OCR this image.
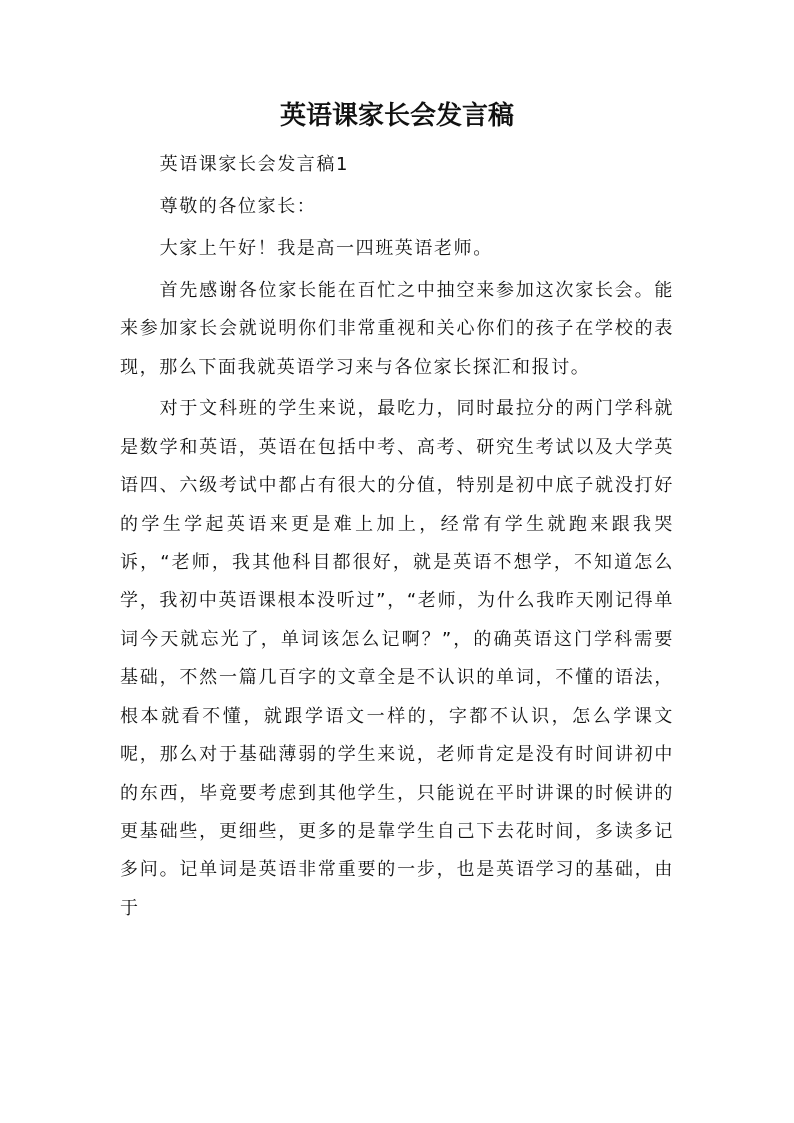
英语课家长会发言稿

英语课家长会发言稿1

尊敬的各位家长：

大家上午好！我是高一四班英语老师。

首先感谢各位家长能在百忙之中抽空来参加这次家长会。能来参加家长会就说明你们非常重视和关心你们的孩子在学校的表现，那么下面我就英语学习来与各位家长探汇和报讨。

对于文科班的学生来说，最吃力，同时最拉分的两门学科就是数学和英语，英语在包括中考、高考、研究生考试以及大学英语四、六级考试中都占有很大的分值，特别是初中底子就没打好的学生学起英语来更是难上加上，经常有学生就跑来跟我哭诉，“老师，我其他科目都很好，就是英语不想学，不知道怎么学，我初中英语课根本没听过”，“老师，为什么我昨天刚记得单词今天就忘光了，单词该怎么记啊？”，的确英语这门学科需要基础，不然一篇几百字的文章全是不认识的单词，不懂的语法，根本就看不懂，就跟学语文一样的，字都不认识，怎么学课文呢，那么对于基础薄弱的学生来说，老师肯定是没有时间讲初中的东西，毕竟要考虑到其他学生，只能说在平时讲课的时候讲的更基础些，更细些，更多的是靠学生自己下去花时间，多读多记多问。记单词是英语非常重要的一步，也是英语学习的基础，由于
